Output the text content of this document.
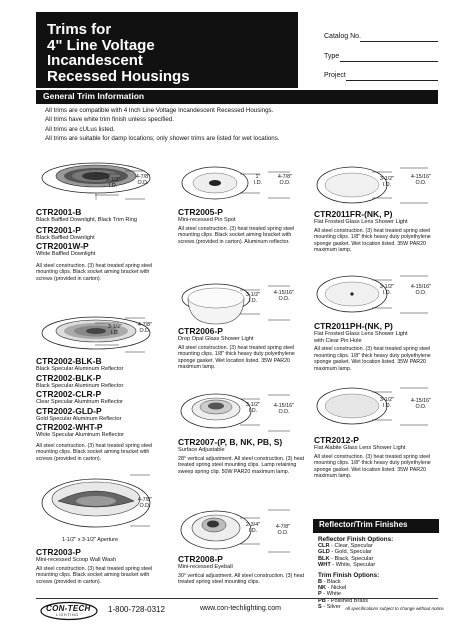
Trims for
4" Line Voltage
Incandescent
Recessed Housings
Catalog No.
Type
Project
General Trim Information
All trims are compatible with 4 Inch Line Voltage Incandescent Recessed Housings.
All trims have white trim finish unless specified.
All trims are cULus listed.
All trims are suitable for damp locations; only shower trims are listed for wet locations.
3-1/2"
I.D.
4-7/8"
O.D.
CTR2001-B
Black Baffled Downlight, Black Trim Ring
CTR2001-P
Black Baffled Downlight
CTR2001W-P
White Baffled Downlight
All steel construction. (3) heat treated spring steel mounting clips. Black socket aiming bracket with screws (provided in carton).
3-1/2"
I.D.
4-7/8"
O.D.
CTR2002-BLK-B
Black Specular Aluminum Reflector
CTR2002-BLK-P
Black Specular Aluminum Reflector
CTR2002-CLR-P
Clear Specular Aluminum Reflector
CTR2002-GLD-P
Gold Specular Aluminum Reflector
CTR2002-WHT-P
White Specular Aluminum Reflector
All steel construction. (3) heat treated spring steel mounting clips. Black socket aiming bracket with screws (provided in carton).
4-7/8"
O.D.
1-1/2" x 3-1/2" Aperture
CTR2003-P
Mini-recessed Scoop Wall Wash
All steel construction. (3) heat treated spring steel mounting clips. Black socket aiming bracket with screws (provided in carton).
1"
I.D.
4-7/8"
O.D.
CTR2005-P
Mini-recessed Pin Spot
All steel construction. (3) heat treated spring steel mounting clips. Black socket aiming bracket with screws (provided in carton). Aluminum reflector.
3-1/2"
I.D.
4-15/16"
O.D.
CTR2006-P
Drop Opal Glass Shower Light
All steel construction. (3) heat treated spring steel mounting clips. 1/8" thick heavy duty polyethylene sponge gasket. Wet location listed. 35W PAR20 maximum lamp.
3-1/2"
I.D.
4-15/16"
O.D.
CTR2007-(P, B, NK, PB, S)
Surface Adjustable
28° vertical adjustment. All steel construction. (3) heat treated spring steel mounting clips. Lamp retaining sweep spring clip. 50W PAR20 maximum lamp.
2-3/4"
I.D.
4-7/8"
O.D.
CTR2008-P
Mini-recessed Eyeball
30° vertical adjustment. All steel construction. (3) heat treated spring steel mounting clips.
3-1/2"
I.D.
4-15/16"
O.D.
CTR2011FR-(NK, P)
Flat Frosted Glass Lens Shower Light
All steel construction. (3) heat treated spring steel mounting clips. 1/8" thick heavy duty polyethylene sponge gasket. Wet location listed. 35W PAR20 maximum lamp.
3-1/2"
I.D.
4-15/16"
O.D.
CTR2011PH-(NK, P)
Flat Frosted Glass Lens Shower Light
with Clear Pin Hole
All steel construction. (3) heat treated spring steel mounting clips. 1/8" thick heavy duty polyethylene sponge gasket. Wet location listed. 35W PAR20 maximum lamp.
3-1/2"
I.D.
4-15/16"
O.D.
CTR2012-P
Flat Alabite Glass Lens Shower Light
All steel construction. (3) heat treated spring steel mounting clips. 1/8" thick heavy duty polyethylene sponge gasket. Wet location listed. 35W PAR20 maximum lamp.
Reflector/Trim Finishes
Reflector Finish Options:
CLR - Clear, Specular
GLD - Gold, Specular
BLK - Black, Specular
WHT - White, Specular
Trim Finish Options:
B - Black
NK - Nickel
P - White
PB - Polished Brass
S - Silver
CON-TECH
LIGHTING
1-800-728-0312	www.con-techlighting.com	All specifications subject to change without notice.
